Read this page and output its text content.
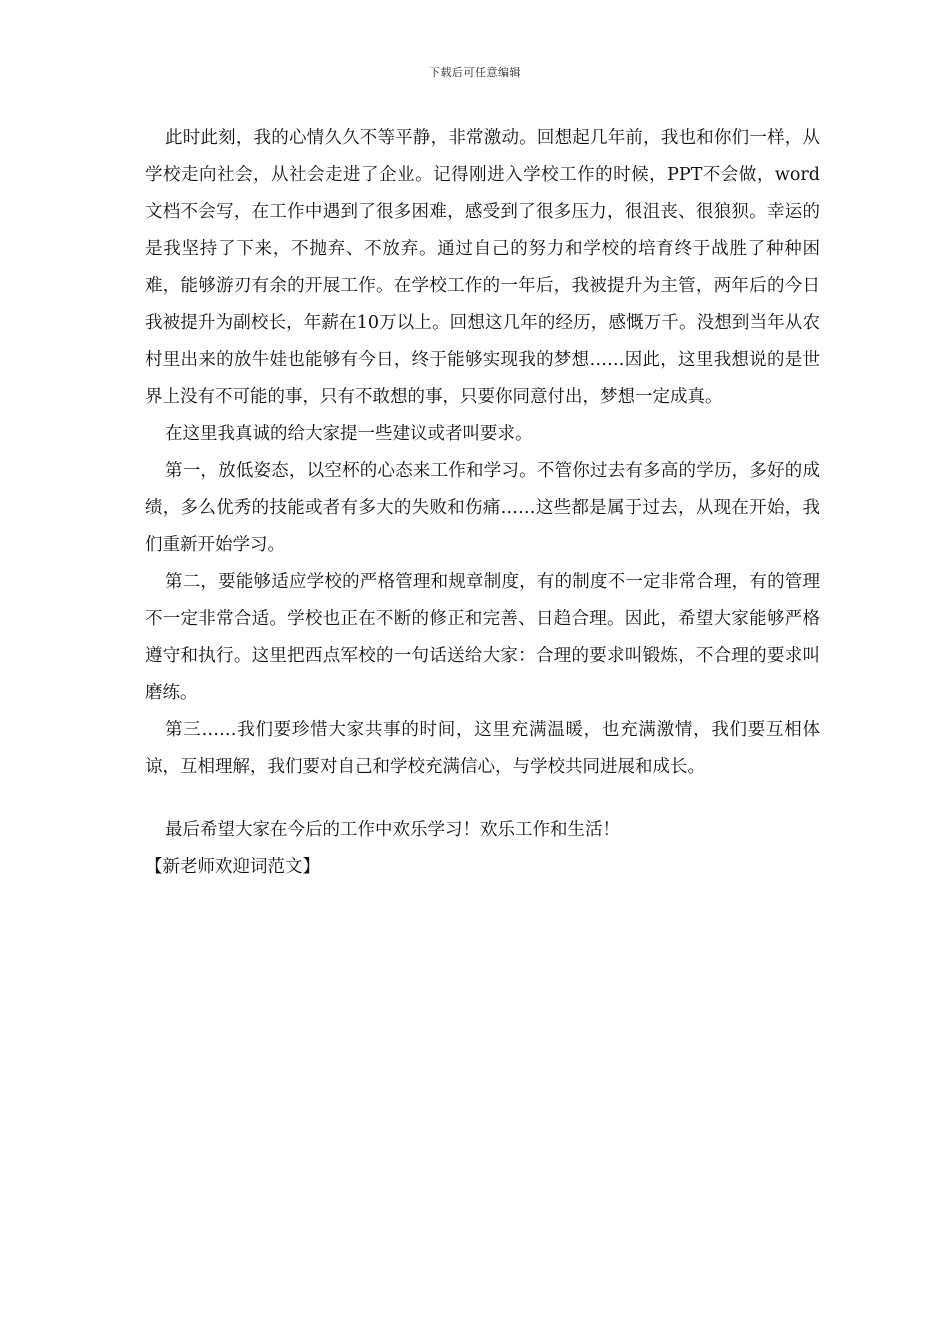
下载后可任意编辑

此时此刻，我的心情久久不等平静，非常激动。回想起几年前，我也和你们一样，从学校走向社会，从社会走进了企业。记得刚进入学校工作的时候，PPT不会做，word文档不会写，在工作中遇到了很多困难，感受到了很多压力，很沮丧、很狼狈。幸运的是我坚持了下来，不抛弃、不放弃。通过自己的努力和学校的培育终于战胜了种种困难，能够游刃有余的开展工作。在学校工作的一年后，我被提升为主管，两年后的今日我被提升为副校长，年薪在10万以上。回想这几年的经历，感慨万千。没想到当年从农村里出来的放牛娃也能够有今日，终于能够实现我的梦想……因此，这里我想说的是世界上没有不可能的事，只有不敢想的事，只要你同意付出，梦想一定成真。

在这里我真诚的给大家提一些建议或者叫要求。

第一，放低姿态，以空杯的心态来工作和学习。不管你过去有多高的学历，多好的成绩，多么优秀的技能或者有多大的失败和伤痛……这些都是属于过去，从现在开始，我们重新开始学习。

第二，要能够适应学校的严格管理和规章制度，有的制度不一定非常合理，有的管理不一定非常合适。学校也正在不断的修正和完善、日趋合理。因此，希望大家能够严格遵守和执行。这里把西点军校的一句话送给大家：合理的要求叫锻炼，不合理的要求叫磨练。

第三……我们要珍惜大家共事的时间，这里充满温暖，也充满激情，我们要互相体谅，互相理解，我们要对自己和学校充满信心，与学校共同进展和成长。

最后希望大家在今后的工作中欢乐学习！欢乐工作和生活！

【新老师欢迎词范文】
